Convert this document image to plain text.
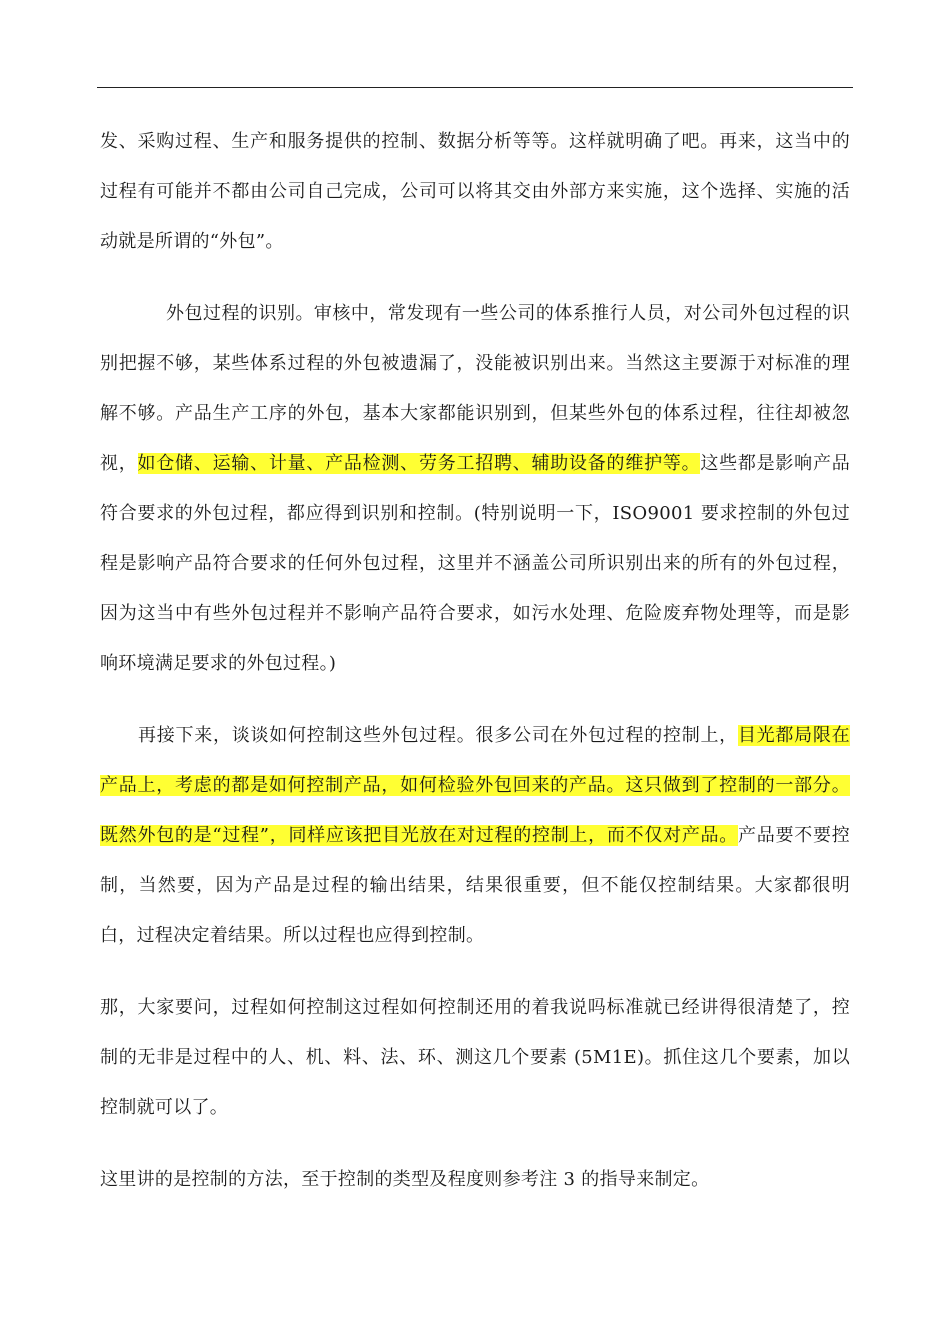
发、采购过程、生产和服务提供的控制、数据分析等等。这样就明确了吧。再来，这当中的过程有可能并不都由公司自己完成，公司可以将其交由外部方来实施，这个选择、实施的活动就是所谓的“外包”。

外包过程的识别。审核中，常发现有一些公司的体系推行人员，对公司外包过程的识别把握不够，某些体系过程的外包被遗漏了，没能被识别出来。当然这主要源于对标准的理解不够。产品生产工序的外包，基本大家都能识别到，但某些外包的体系过程，往往却被忽视，如仓储、运输、计量、产品检测、劳务工招聘、辅助设备的维护等。这些都是影响产品符合要求的外包过程，都应得到识别和控制。(特别说明一下，ISO9001 要求控制的外包过程是影响产品符合要求的任何外包过程，这里并不涵盖公司所识别出来的所有的外包过程，因为这当中有些外包过程并不影响产品符合要求，如污水处理、危险废弃物处理等，而是影响环境满足要求的外包过程。)

再接下来，谈谈如何控制这些外包过程。很多公司在外包过程的控制上，目光都局限在产品上，考虑的都是如何控制产品，如何检验外包回来的产品。这只做到了控制的一部分。既然外包的是“过程”，同样应该把目光放在对过程的控制上，而不仅对产品。产品要不要控制，当然要，因为产品是过程的输出结果，结果很重要，但不能仅控制结果。大家都很明白，过程决定着结果。所以过程也应得到控制。

那，大家要问，过程如何控制这过程如何控制还用的着我说吗标准就已经讲得很清楚了，控制的无非是过程中的人、机、料、法、环、测这几个要素 (5M1E)。抓住这几个要素，加以控制就可以了。

这里讲的是控制的方法，至于控制的类型及程度则参考注 3 的指导来制定。
